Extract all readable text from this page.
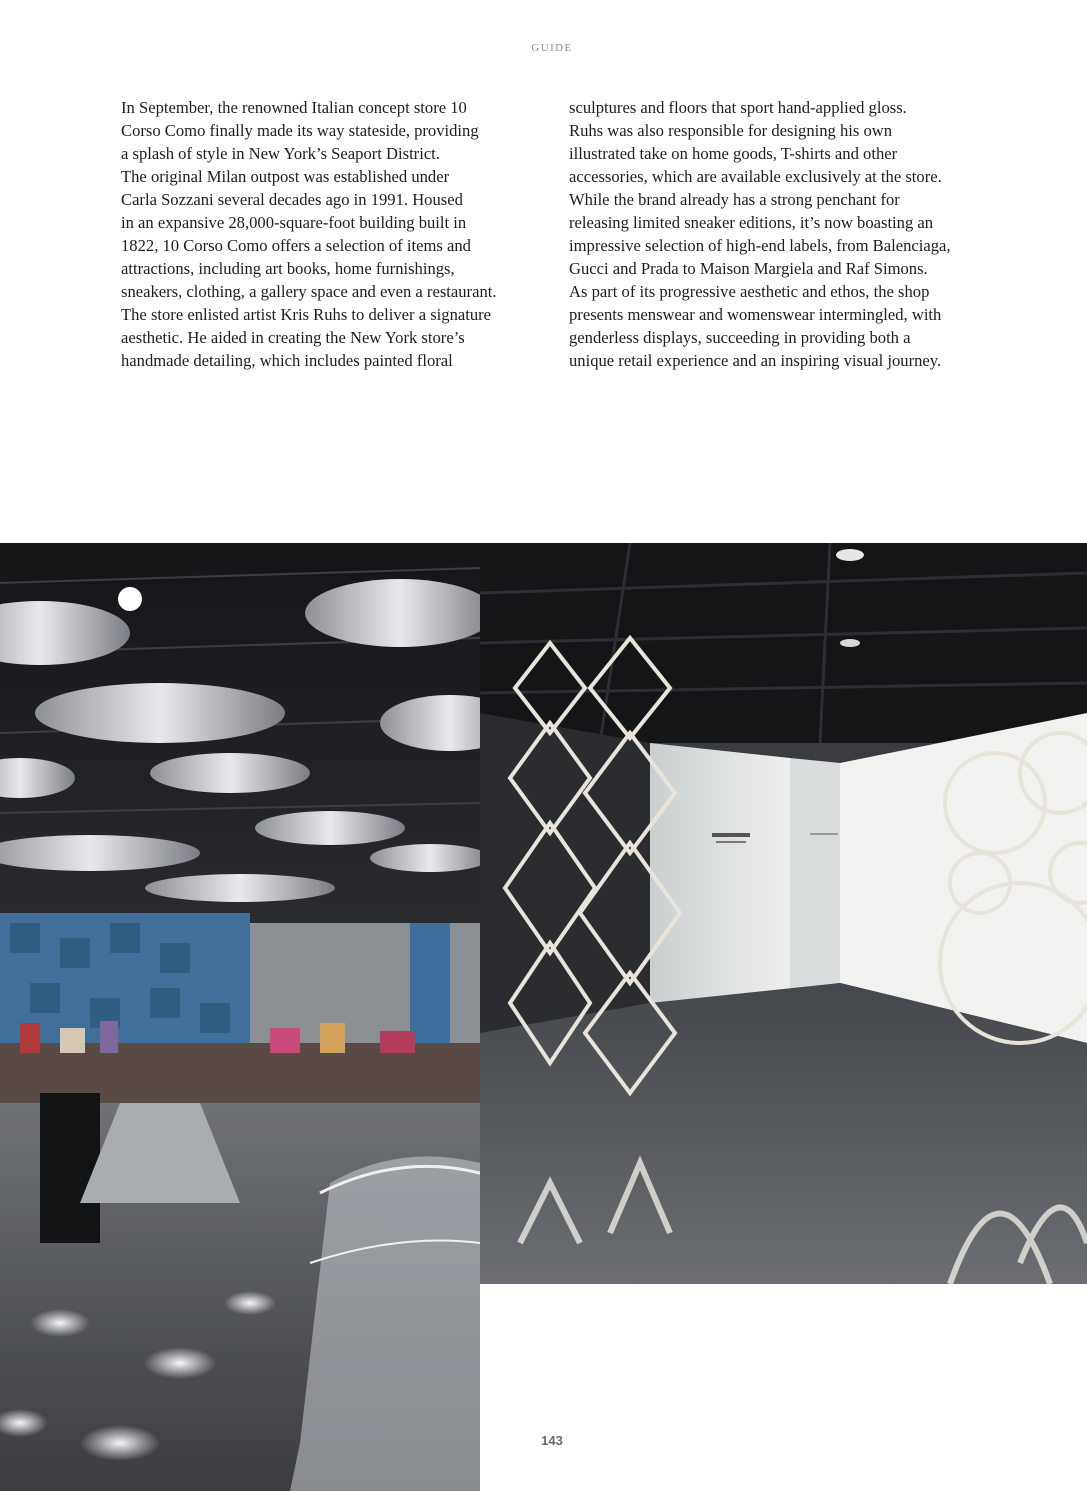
GUIDE

In September, the renowned Italian concept store 10

Corso Como finally made its way stateside, providing

a splash of style in New York’s Seaport District.

The original Milan outpost was established under

Carla Sozzani several decades ago in 1991. Housed

in an expansive 28,000-square-foot building built in

1822, 10 Corso Como offers a selection of items and

attractions, including art books, home furnishings,

sneakers, clothing, a gallery space and even a restaurant.

The store enlisted artist Kris Ruhs to deliver a signature

aesthetic. He aided in creating the New York store’s

handmade detailing, which includes painted floral

sculptures and floors that sport hand-applied gloss.

Ruhs was also responsible for designing his own

illustrated take on home goods, T-shirts and other

accessories, which are available exclusively at the store.

While the brand already has a strong penchant for

releasing limited sneaker editions, it’s now boasting an

impressive selection of high-end labels, from Balenciaga,

Gucci and Prada to Maison Margiela and Raf Simons.

As part of its progressive aesthetic and ethos, the shop

presents menswear and womenswear intermingled, with

genderless displays, succeeding in providing both a

unique retail experience and an inspiring visual journey.

143
